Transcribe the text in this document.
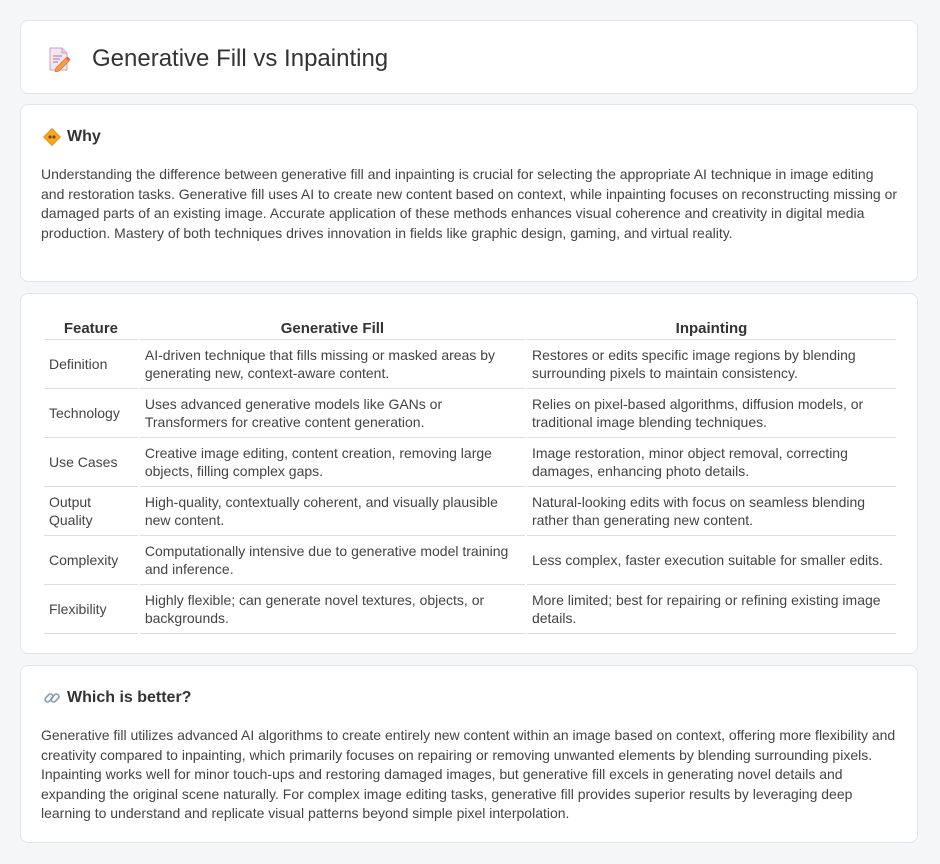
Generative Fill vs Inpainting
Why

Understanding the difference between generative fill and inpainting is crucial for selecting the appropriate AI technique in image editing and restoration tasks. Generative fill uses AI to create new content based on context, while inpainting focuses on reconstructing missing or damaged parts of an existing image. Accurate application of these methods enhances visual coherence and creativity in digital media production. Mastery of both techniques drives innovation in fields like graphic design, gaming, and virtual reality.

Feature	Generative Fill	Inpainting
Definition	AI-driven technique that fills missing or masked areas by generating new, context-aware content.	Restores or edits specific image regions by blending surrounding pixels to maintain consistency.
Technology	Uses advanced generative models like GANs or Transformers for creative content generation.	Relies on pixel-based algorithms, diffusion models, or traditional image blending techniques.
Use Cases	Creative image editing, content creation, removing large objects, filling complex gaps.	Image restoration, minor object removal, correcting damages, enhancing photo details.
Output Quality	High-quality, contextually coherent, and visually plausible new content.	Natural-looking edits with focus on seamless blending rather than generating new content.
Complexity	Computationally intensive due to generative model training and inference.	Less complex, faster execution suitable for smaller edits.
Flexibility	Highly flexible; can generate novel textures, objects, or backgrounds.	More limited; best for repairing or refining existing image details.
Which is better?

Generative fill utilizes advanced AI algorithms to create entirely new content within an image based on context, offering more flexibility and creativity compared to inpainting, which primarily focuses on repairing or removing unwanted elements by blending surrounding pixels. Inpainting works well for minor touch-ups and restoring damaged images, but generative fill excels in generating novel details and expanding the original scene naturally. For complex image editing tasks, generative fill provides superior results by leveraging deep learning to understand and replicate visual patterns beyond simple pixel interpolation.
